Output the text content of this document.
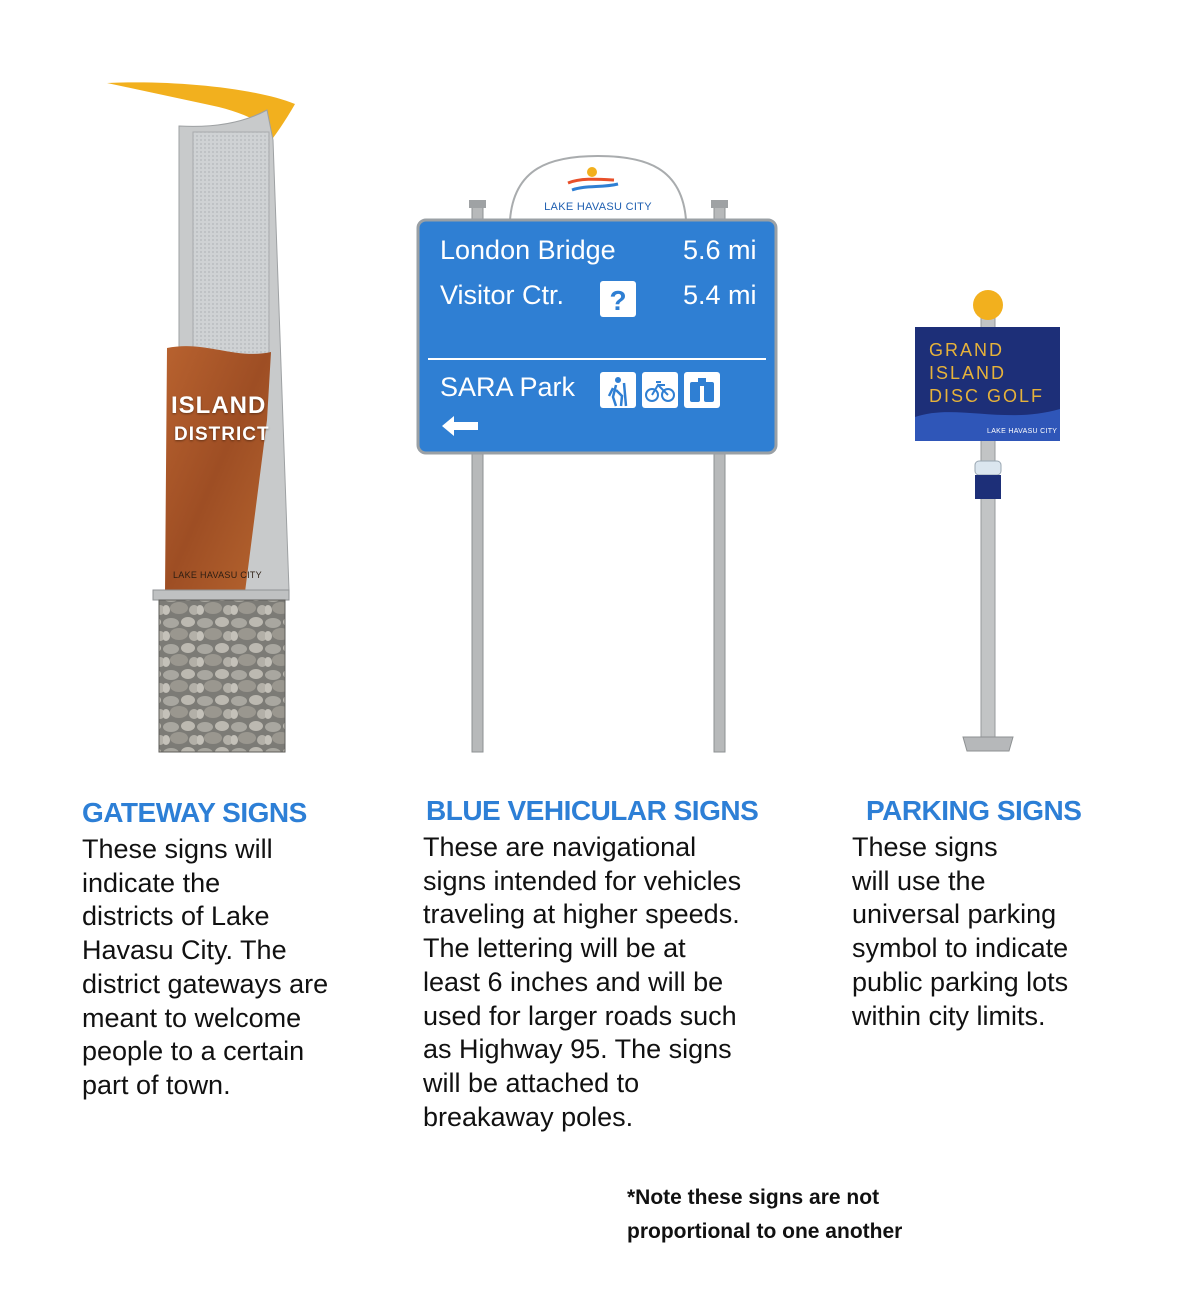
ISLAND
DISTRICT
LAKE HAVASU CITY
?
LAKE HAVASU CITY
London Bridge 5.6 mi
Visitor Ctr.	5.4 mi
SARA Park
GRAND
ISLAND
DISC GOLF
LAKE HAVASU CITY
GATEWAY SIGNS
These signs will
indicate the
districts of Lake
Havasu City. The
district gateways are
meant to welcome
people to a certain
part of town.
BLUE VEHICULAR SIGNS
These are navigational
signs intended for vehicles
traveling at higher speeds.
The lettering will be at
least 6 inches and will be
used for larger roads such
as Highway 95. The signs
will be attached to
breakaway poles.
PARKING SIGNS
These signs
will use the
universal parking
symbol to indicate
public parking lots
within city limits.
*Note these signs are not
proportional to one another
